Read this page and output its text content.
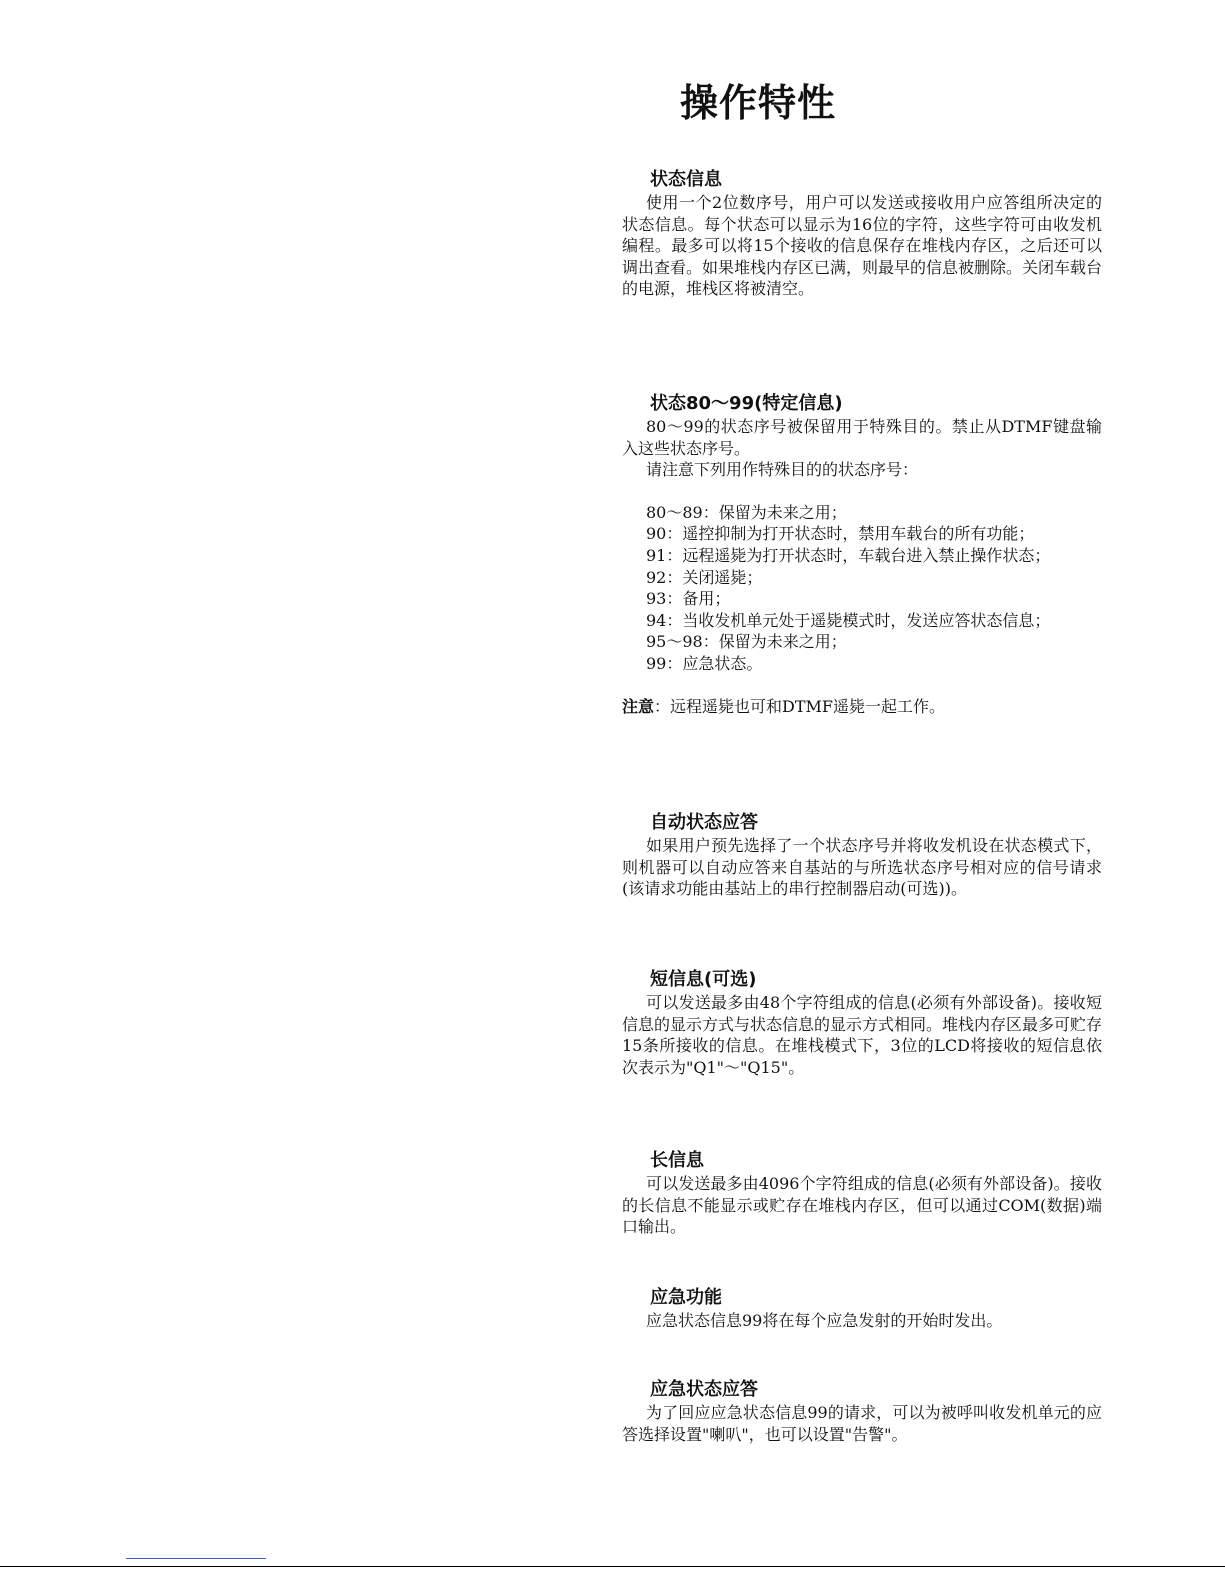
操作特性
状态信息

使用一个2位数序号，用户可以发送或接收用户应答组所决定的状态信息。每个状态可以显示为16位的字符，这些字符可由收发机编程。最多可以将15个接收的信息保存在堆栈内存区，之后还可以调出查看。如果堆栈内存区已满，则最早的信息被删除。关闭车载台的电源，堆栈区将被清空。

状态80～99(特定信息)

80～99的状态序号被保留用于特殊目的。禁止从DTMF键盘输入这些状态序号。

请注意下列用作特殊目的的状态序号：

80～89：保留为未来之用；
90：遥控抑制为打开状态时，禁用车载台的所有功能；
91：远程遥毙为打开状态时，车载台进入禁止操作状态；
92：关闭遥毙；
93：备用；
94：当收发机单元处于遥毙模式时，发送应答状态信息；
95～98：保留为未来之用；
99：应急状态。

注意：远程遥毙也可和DTMF遥毙一起工作。

自动状态应答

如果用户预先选择了一个状态序号并将收发机设在状态模式下，则机器可以自动应答来自基站的与所选状态序号相对应的信号请求(该请求功能由基站上的串行控制器启动(可选))。

短信息(可选)

可以发送最多由48个字符组成的信息(必须有外部设备)。接收短信息的显示方式与状态信息的显示方式相同。堆栈内存区最多可贮存15条所接收的信息。在堆栈模式下，3位的LCD将接收的短信息依次表示为"Q1"～"Q15"。

长信息

可以发送最多由4096个字符组成的信息(必须有外部设备)。接收的长信息不能显示或贮存在堆栈内存区，但可以通过COM(数据)端口输出。

应急功能

应急状态信息99将在每个应急发射的开始时发出。

应急状态应答

为了回应应急状态信息99的请求，可以为被呼叫收发机单元的应答选择设置"喇叭"，也可以设置"告警"。
